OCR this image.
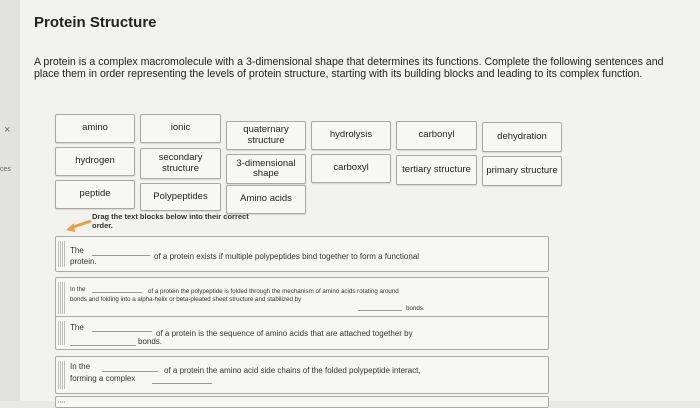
×
ces
Protein Structure
A protein is a complex macromolecule with a 3-dimensional shape that determines its functions. Complete the following sentences and place them in order representing the levels of protein structure, starting with its building blocks and leading to its complex function.
amino	ionic	quaternary structure	hydrolysis	carbonyl	dehydration
hydrogen	secondary structure	3-dimensional shape
carboxyl	tertiary structure primary structure
peptide	Polypeptides	Amino acids
Drag the text blocks below into their correct order.
The
of a protein exists if multiple polypeptides bind together to form a functional
protein.
In the	of a protein the polypeptide is folded through the mechanism of amino acids rotating around
bonds and folding into a alpha-helix or beta-pleated sheet structure and stabilized by
bonds.
The
of a protein is the sequence of amino acids that are attached together by
bonds.
In the	of a protein the amino acid side chains of the folded polypeptide interact,
forming a complex
